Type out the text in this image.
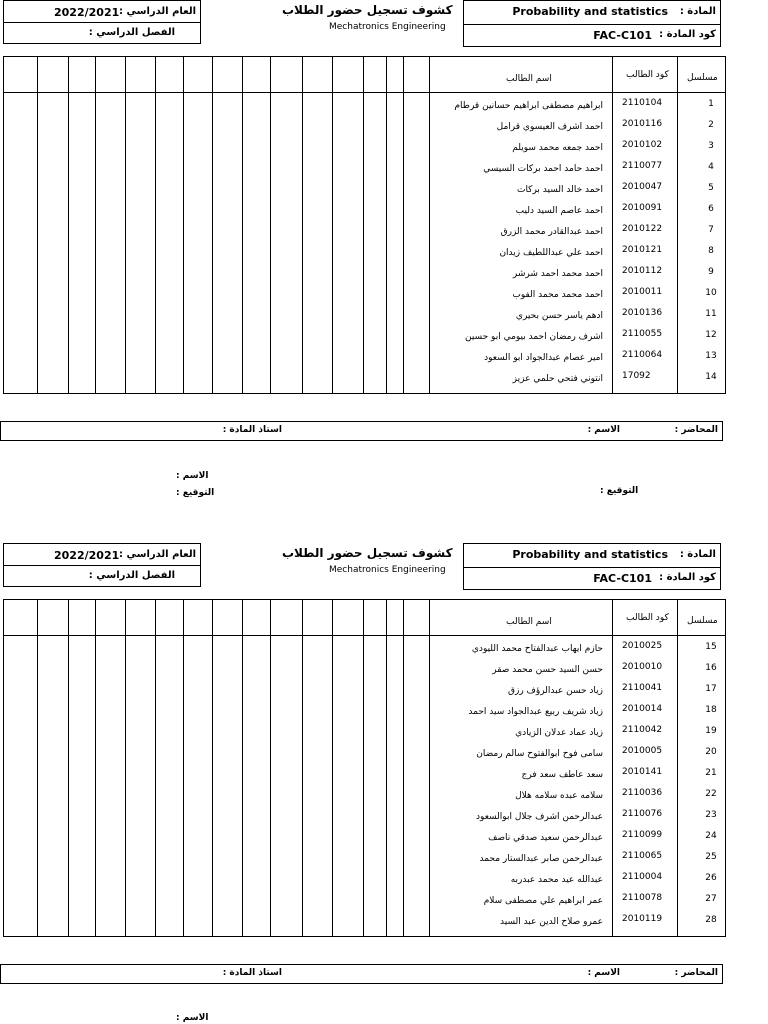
العام الدراسي :
2022/2021
الفصل الدراسي :
كشوف تسجيل حضور الطلاب
Mechatronics Engineering
المادة :
Probability and statistics
كود المادة :
FAC-C101
مسلسل
كود الطالب
اسم الطالب
1
2110104
ابراهيم مصطفى ابراهيم حسانين قرطام
2
2010116
احمد اشرف العيسوي قرامل
3
2010102
احمد جمعه محمد سويلم
4
2110077
احمد حامد احمد بركات السيسي
5
2010047
احمد خالد السيد بركات
6
2010091
احمد عاصم السيد دليب
7
2010122
احمد عبدالقادر محمد الزرق
8
2010121
احمد علي عبداللطيف زيدان
9
2010112
احمد محمد احمد شرشر
10
2010011
احمد محمد محمد الفوب
11
2010136
ادهم ياسر حسن بحيري
12
2110055
اشرف رمضان احمد بيومي ابو حسين
13
2110064
امير عصام عبدالجواد ابو السعود
14
17092
انتوني فتحي حلمي عزيز
المحاضر :
الاسم :
استاذ المادة :
التوقيع :
الاسم :
التوقيع :
العام الدراسي :
2022/2021
الفصل الدراسي :
كشوف تسجيل حضور الطلاب
Mechatronics Engineering
المادة :
Probability and statistics
كود المادة :
FAC-C101
مسلسل
كود الطالب
اسم الطالب
15
2010025
حازم ايهاب عبدالفتاح محمد الليودي
16
2010010
حسن السيد حسن محمد صقر
17
2110041
زياد حسن عبدالرؤف رزق
18
2010014
زياد شريف ربيع عبدالجواد سيد احمد
19
2110042
زياد عماد عدلان الزيادي
20
2010005
سامى فوح ابوالفتوح سالم رمضان
21
2010141
سعد عاطف سعد فرج
22
2110036
سلامه عبده سلامه هلال
23
2110076
عبدالرحمن اشرف جلال ابوالسعود
24
2110099
عبدالرحمن سعيد صدقي ناصف
25
2110065
عبدالرحمن صابر عبدالستار محمد
26
2110004
عبدالله عيد محمد عبدربه
27
2110078
عمر ابراهيم علي مصطفى سلام
28
2010119
عمرو صلاح الدين عبد السيد
المحاضر :
الاسم :
استاذ المادة :
الاسم :
